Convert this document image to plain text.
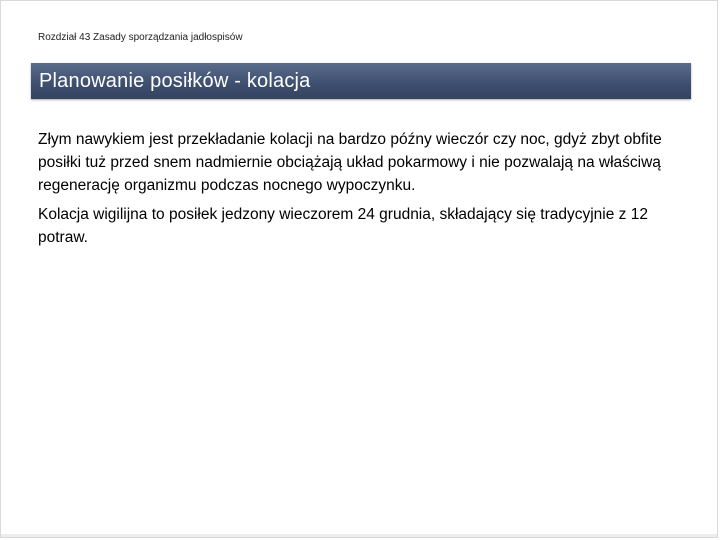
Rozdział 43 Zasady sporządzania jadłospisów
Planowanie posiłków - kolacja

Złym nawykiem jest przekładanie kolacji na bardzo późny wieczór czy noc, gdyż zbyt obfite posiłki tuż przed snem nadmiernie obciążają układ pokarmowy i nie pozwalają na właściwą regenerację organizmu podczas nocnego wypoczynku.

Kolacja wigilijna to posiłek jedzony wieczorem 24 grudnia, składający się tradycyjnie z 12 potraw.
